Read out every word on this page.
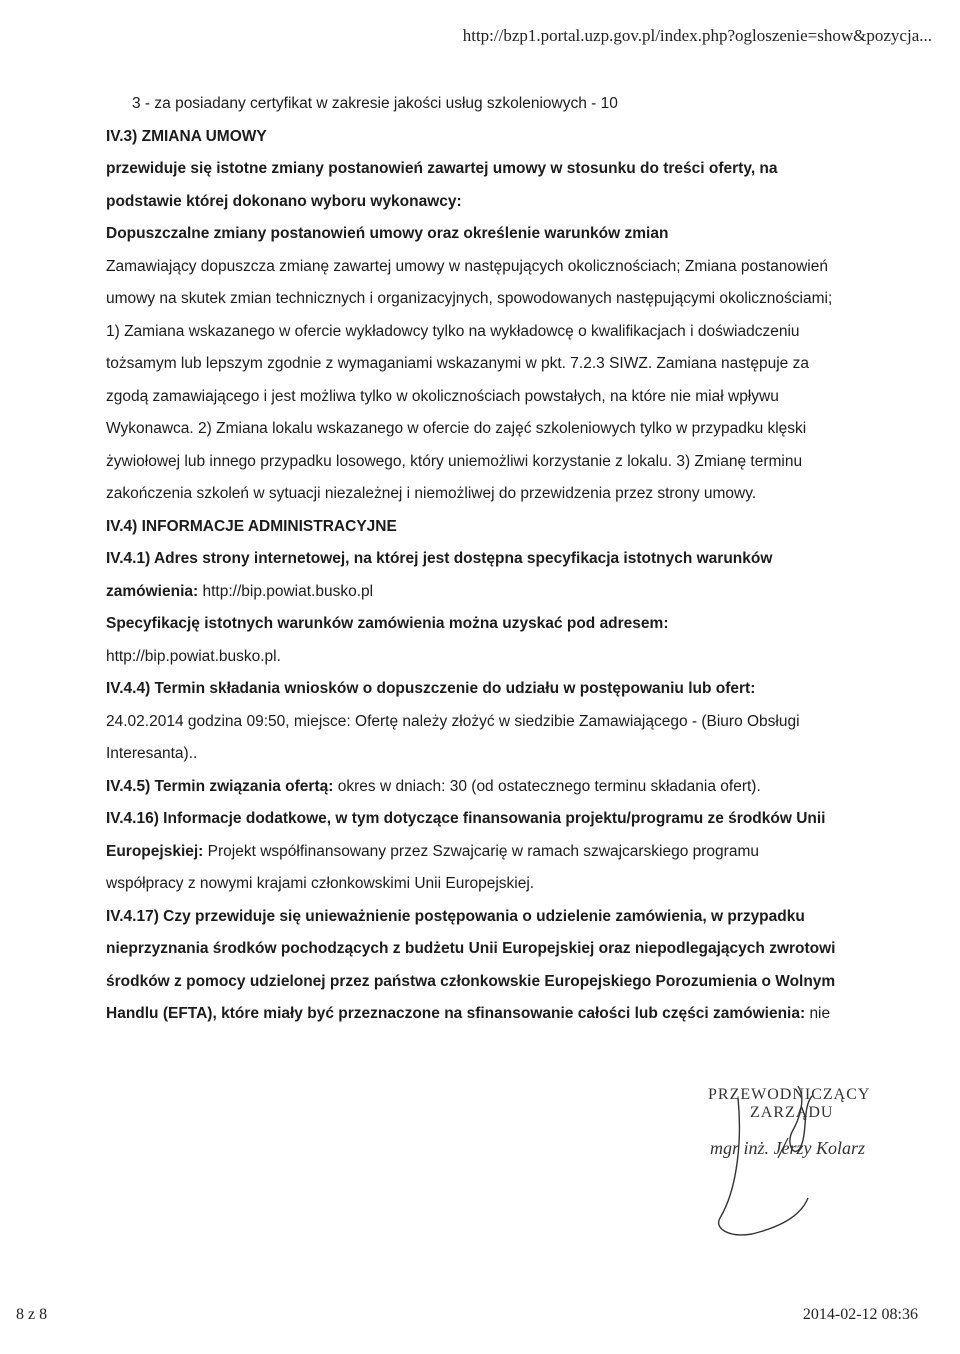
http://bzp1.portal.uzp.gov.pl/index.php?ogloszenie=show&pozycja...

3 - za posiadany certyfikat w zakresie jakości usług szkoleniowych - 10

IV.3) ZMIANA UMOWY

przewiduje się istotne zmiany postanowień zawartej umowy w stosunku do treści oferty, na

podstawie której dokonano wyboru wykonawcy:

Dopuszczalne zmiany postanowień umowy oraz określenie warunków zmian

Zamawiający dopuszcza zmianę zawartej umowy w następujących okolicznościach; Zmiana postanowień

umowy na skutek zmian technicznych i organizacyjnych, spowodowanych następującymi okolicznościami;

1) Zamiana wskazanego w ofercie wykładowcy tylko na wykładowcę o kwalifikacjach i doświadczeniu

tożsamym lub lepszym zgodnie z wymaganiami wskazanymi w pkt. 7.2.3 SIWZ. Zamiana następuje za

zgodą zamawiającego i jest możliwa tylko w okolicznościach powstałych, na które nie miał wpływu

Wykonawca. 2) Zmiana lokalu wskazanego w ofercie do zajęć szkoleniowych tylko w przypadku klęski

żywiołowej lub innego przypadku losowego, który uniemożliwi korzystanie z lokalu. 3) Zmianę terminu

zakończenia szkoleń w sytuacji niezależnej i niemożliwej do przewidzenia przez strony umowy.

IV.4) INFORMACJE ADMINISTRACYJNE

IV.4.1) Adres strony internetowej, na której jest dostępna specyfikacja istotnych warunków

zamówienia: http://bip.powiat.busko.pl

Specyfikację istotnych warunków zamówienia można uzyskać pod adresem:

http://bip.powiat.busko.pl.

IV.4.4) Termin składania wniosków o dopuszczenie do udziału w postępowaniu lub ofert:

24.02.2014 godzina 09:50, miejsce: Ofertę należy złożyć w siedzibie Zamawiającego - (Biuro Obsługi

Interesanta)..

IV.4.5) Termin związania ofertą: okres w dniach: 30 (od ostatecznego terminu składania ofert).

IV.4.16) Informacje dodatkowe, w tym dotyczące finansowania projektu/programu ze środków Unii

Europejskiej: Projekt współfinansowany przez Szwajcarię w ramach szwajcarskiego programu

współpracy z nowymi krajami członkowskimi Unii Europejskiej.

IV.4.17) Czy przewiduje się unieważnienie postępowania o udzielenie zamówienia, w przypadku

nieprzyznania środków pochodzących z budżetu Unii Europejskiej oraz niepodlegających zwrotowi

środków z pomocy udzielonej przez państwa członkowskie Europejskiego Porozumienia o Wolnym

Handlu (EFTA), które miały być przeznaczone na sfinansowanie całości lub części zamówienia: nie

PRZEWODNICZĄCY
ZARZĄDU
mgr inż. Jerzy Kolarz
8 z 8	2014-02-12 08:36
